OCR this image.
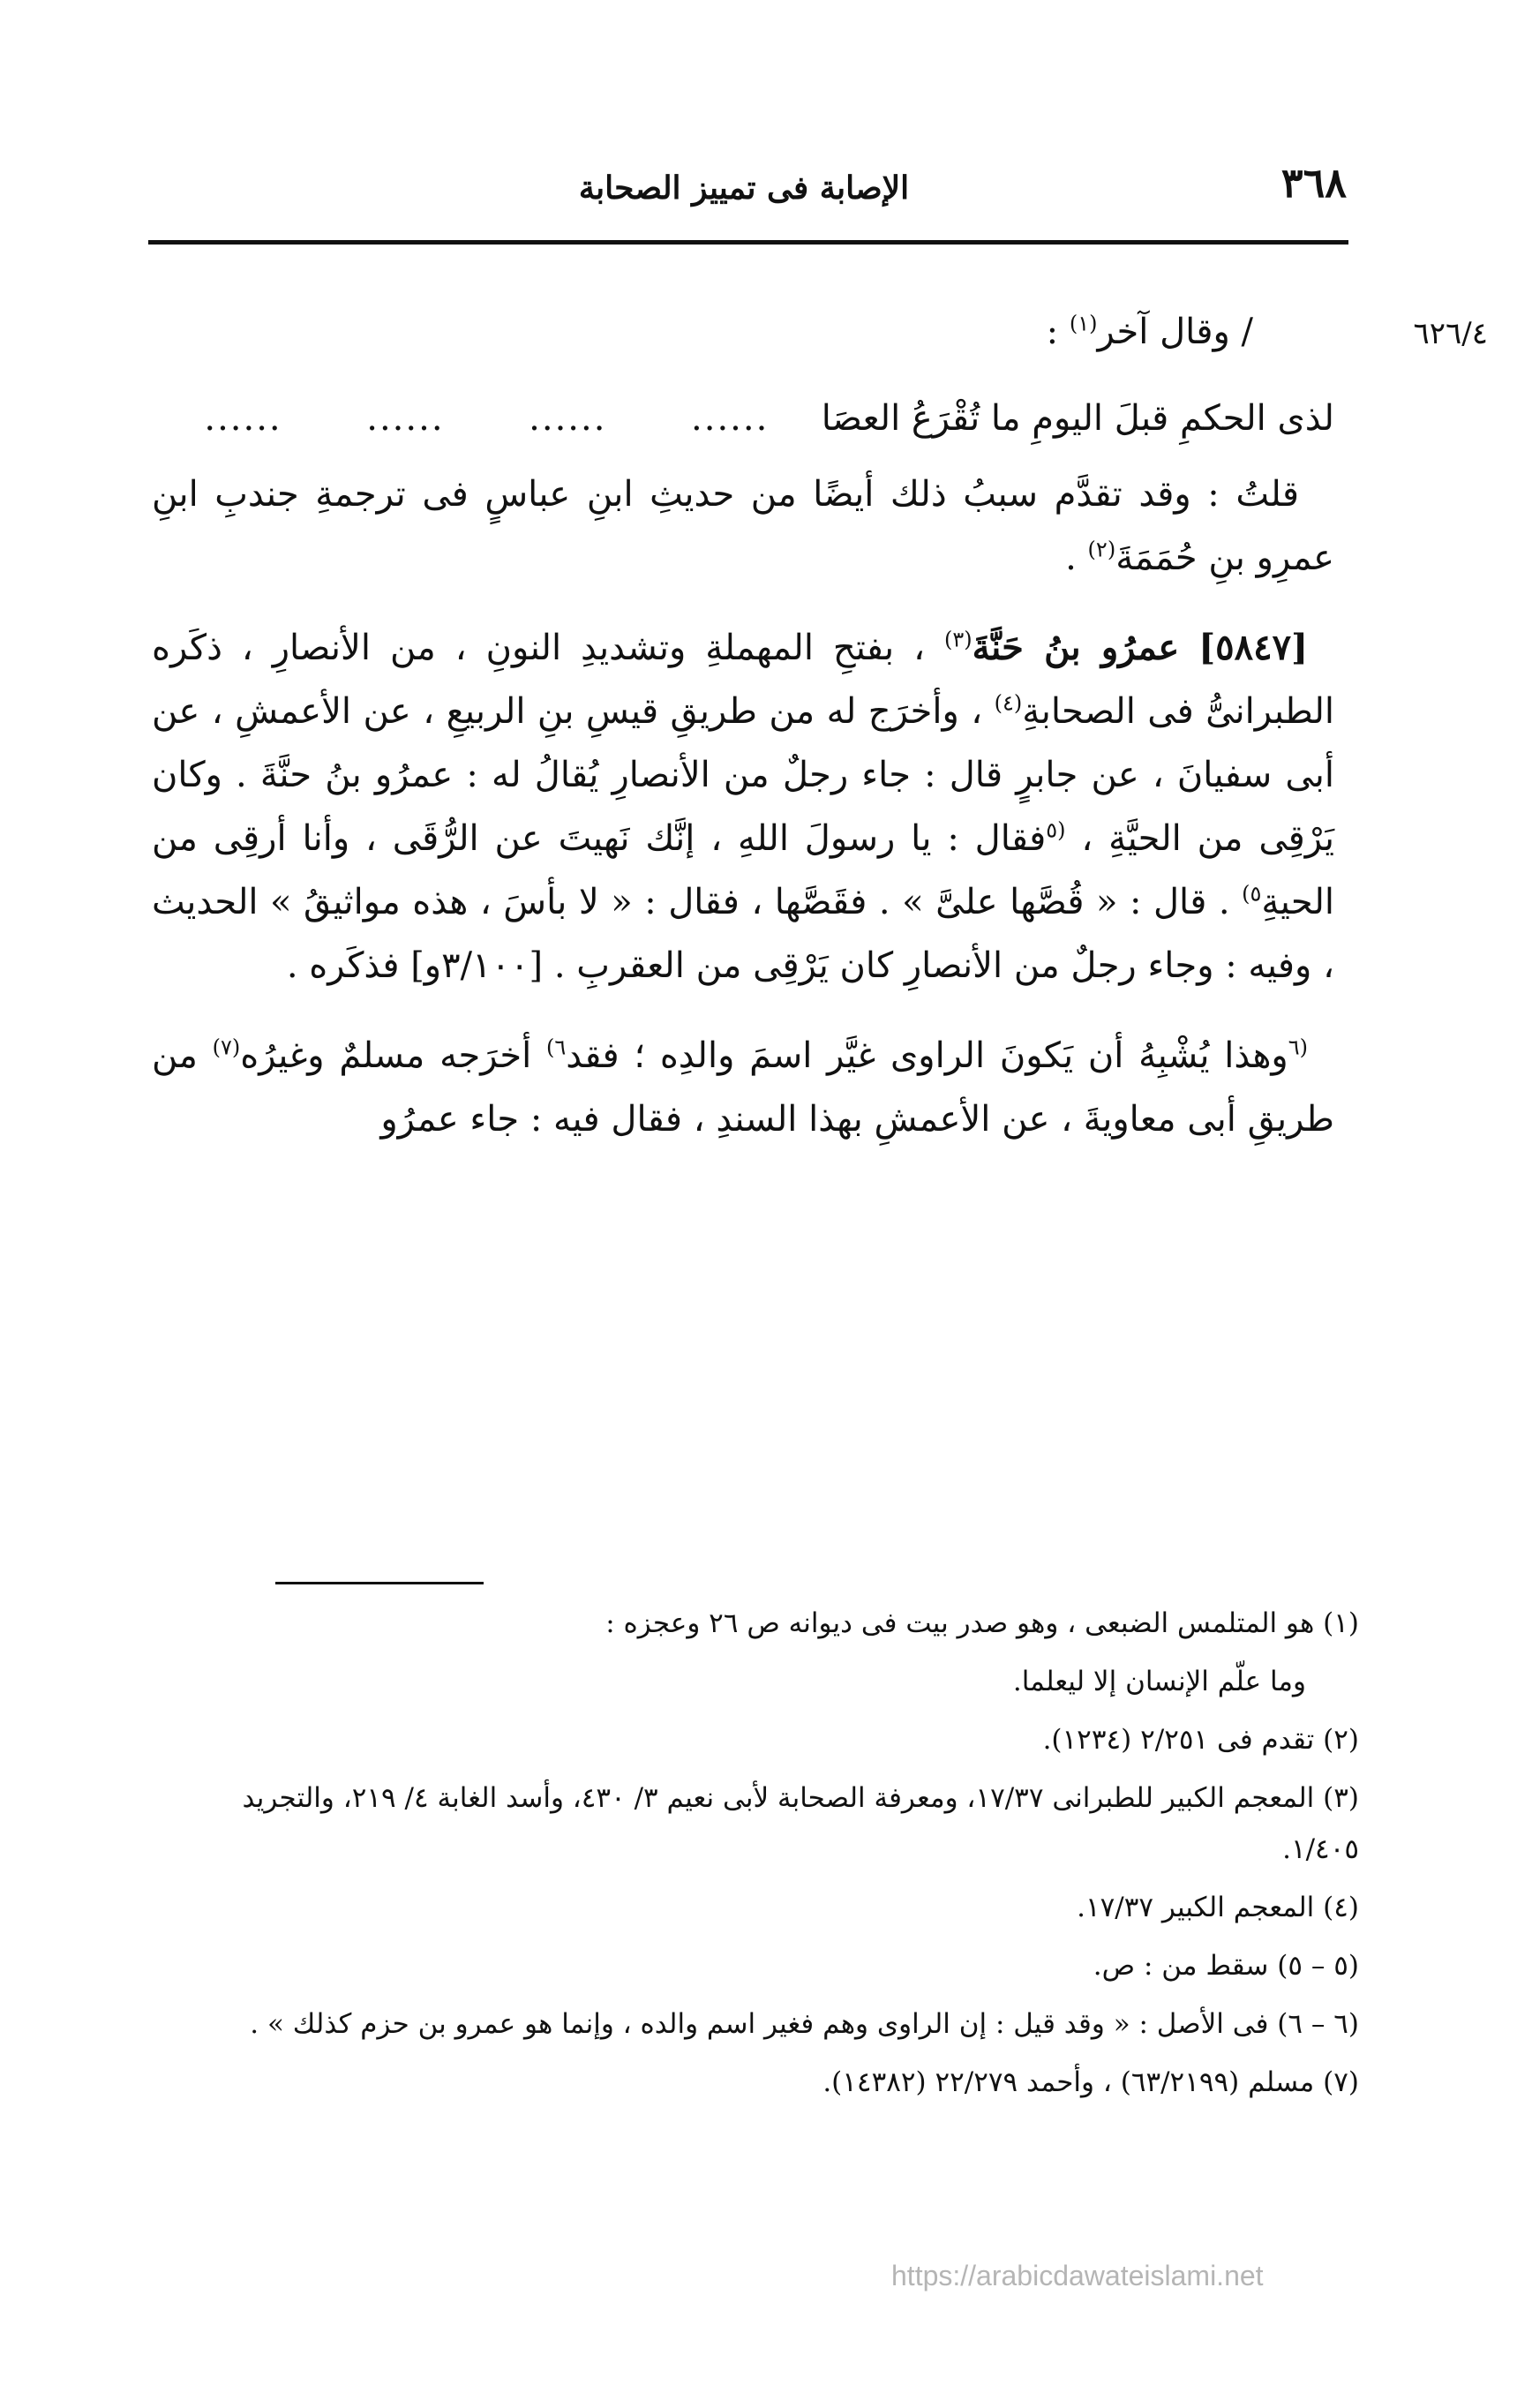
٣٦٨
الإصابة فى تمييز الصحابة
٦٢٦/٤

/ وقال آخر$^{(١)}$ :

لذى الحكمِ قبلَ اليومِ ما تُقْرَعُ العصَا
...... ...... ...... ......

قلتُ : وقد تقدَّم سببُ ذلك أيضًا من حديثِ ابنِ عباسٍ فى ترجمةِ جندبِ ابنِ عمرِو بنِ حُمَمَةَ$^{(٢)}$ .

[٥٨٤٧] عمرُو بنُ حَنَّةَ$^{(٣)}$ ، بفتحِ المهملةِ وتشديدِ النونِ ، من الأنصارِ ، ذكَره الطبرانىُّ فى الصحابةِ$^{(٤)}$ ، وأخرَج له من طريقِ قيسِ بنِ الربيعِ ، عن الأعمشِ ، عن أبى سفيانَ ، عن جابرٍ قال : جاء رجلٌ من الأنصارِ يُقالُ له : عمرُو بنُ حنَّةَ . وكان يَرْقِى من الحيَّةِ ، $^{(٥}$فقال : يا رسولَ اللهِ ، إنَّك نَهيتَ عن الرُّقَى ، وأنا أرقِى من الحيةِ$^{٥)}$ . قال : « قُصَّها علىَّ » . فقَصَّها ، فقال : « لا بأسَ ، هذه مواثيقُ » الحديث ، وفيه : وجاء رجلٌ من الأنصارِ كان يَرْقِى من العقربِ . [٣/١٠٠و] فذكَره .

$^{(٦}$وهذا يُشْبِهُ أن يَكونَ الراوى غيَّر اسمَ والدِه ؛ فقد$^{٦)}$ أخرَجه مسلمٌ وغيرُه$^{(٧)}$ من طريقِ أبى معاويةَ ، عن الأعمشِ بهذا السندِ ، فقال فيه : جاء عمرُو

(١) هو المتلمس الضبعى ، وهو صدر بيت فى ديوانه ص ٢٦ وعجزه :

وما علّم الإنسان إلا ليعلما.

(٢) تقدم فى ٢/٢٥١ (١٢٣٤).

(٣) المعجم الكبير للطبرانى ١٧/٣٧، ومعرفة الصحابة لأبى نعيم ٣/ ٤٣٠، وأسد الغابة ٤/ ٢١٩، والتجريد ١/٤٠٥.

(٤) المعجم الكبير ١٧/٣٧.

(٥ – ٥) سقط من : ص.

(٦ – ٦) فى الأصل : « وقد قيل : إن الراوى وهم فغير اسم والده ، وإنما هو عمرو بن حزم كذلك » .

(٧) مسلم (٦٣/٢١٩٩) ، وأحمد ٢٢/٢٧٩ (١٤٣٨٢).

https://arabicdawateislami.net
